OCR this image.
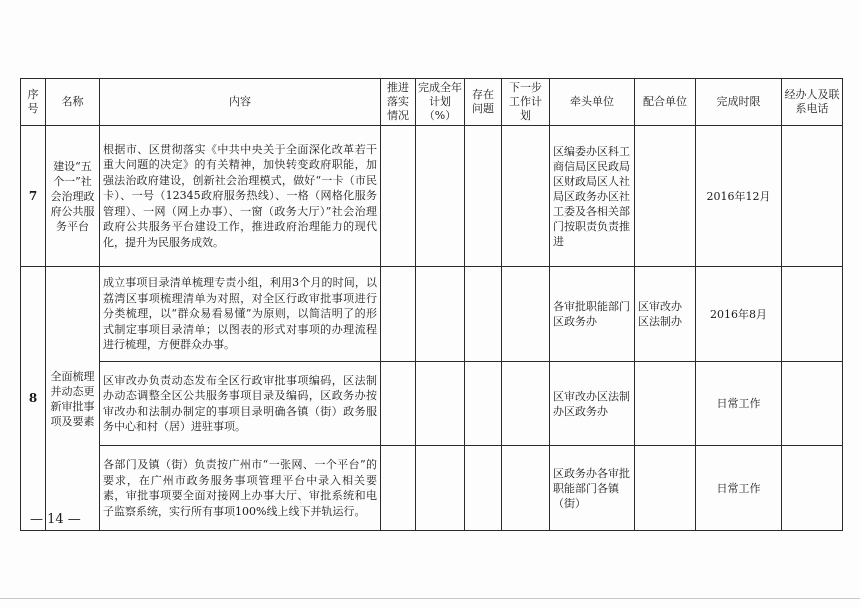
序号	名称	内容	推进落实情况	完成全年计划（%）	存在问题	下一步工作计划	牵头单位	配合单位	完成时限	经办人及联系电话
7	建设“五个一”社会治理政府公共服务平台	根据市、区贯彻落实《中共中央关于全面深化改革若干重大问题的决定》的有关精神，加快转变政府职能，加强法治政府建设，创新社会治理模式，做好“一卡（市民卡）、一号（12345政府服务热线）、一格（网格化服务管理）、一网（网上办事）、一窗（政务大厅）”社会治理政府公共服务平台建设工作，推进政府治理能力的现代化，提升为民服务成效。					区编委办区科工商信局区民政局区财政局区人社局区政务办区社工委及各相关部门按职责负责推进		2016年12月	
8	全面梳理并动态更新审批事项及要素	成立事项目录清单梳理专责小组，利用3个月的时间，以荔湾区事项梳理清单为对照，对全区行政审批事项进行分类梳理，以“群众易看易懂”为原则，以简洁明了的形式制定事项目录清单；以图表的形式对事项的办理流程进行梳理，方便群众办事。					各审批职能部门区政务办	区审改办区法制办	2016年8月	
		区审改办负责动态发布全区行政审批事项编码，区法制办动态调整全区公共服务事项目录及编码，区政务办按审改办和法制办制定的事项目录明确各镇（街）政务服务中心和村（居）进驻事项。					区审改办区法制办区政务办		日常工作	
		各部门及镇（街）负责按广州市“一张网、一个平台”的要求，在广州市政务服务事项管理平台中录入相关要素，审批事项要全面对接网上办事大厅、审批系统和电子监察系统，实行所有事项100%线上线下并轨运行。					区政务办各审批职能部门各镇（街）		日常工作	
— 14 —
